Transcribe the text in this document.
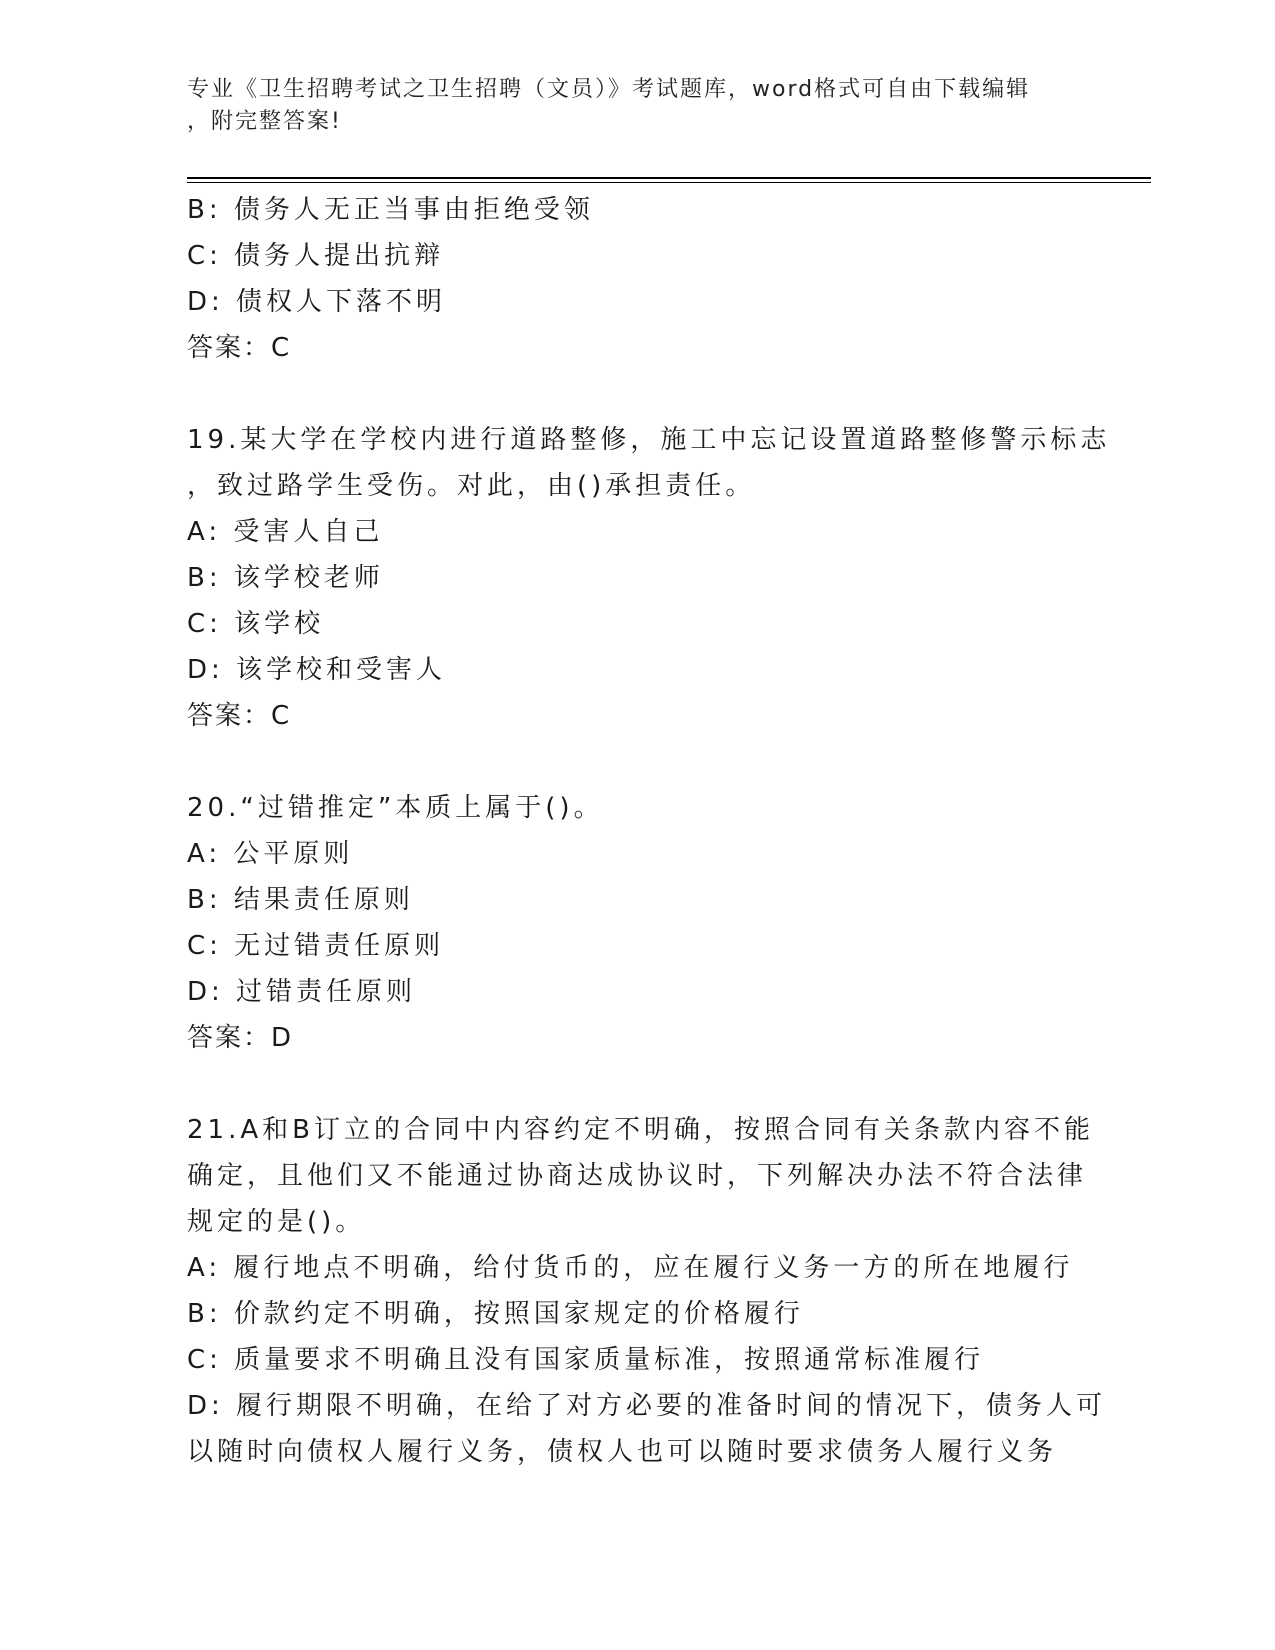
专业《卫生招聘考试之卫生招聘（文员）》考试题库，word格式可自由下载编辑
，附完整答案!
B: 债务人无正当事由拒绝受领
C: 债务人提出抗辩
D: 债权人下落不明
答案：C
19.某大学在学校内进行道路整修，施工中忘记设置道路整修警示标志
，致过路学生受伤。对此，由()承担责任。
A: 受害人自己
B: 该学校老师
C: 该学校
D: 该学校和受害人
答案：C
20.“过错推定”本质上属于()。
A: 公平原则
B: 结果责任原则
C: 无过错责任原则
D: 过错责任原则
答案：D
21.A和B订立的合同中内容约定不明确，按照合同有关条款内容不能
确定，且他们又不能通过协商达成协议时，下列解决办法不符合法律
规定的是()。
A: 履行地点不明确，给付货币的，应在履行义务一方的所在地履行
B: 价款约定不明确，按照国家规定的价格履行
C: 质量要求不明确且没有国家质量标准，按照通常标准履行
D: 履行期限不明确，在给了对方必要的准备时间的情况下，债务人可
以随时向债权人履行义务，债权人也可以随时要求债务人履行义务
